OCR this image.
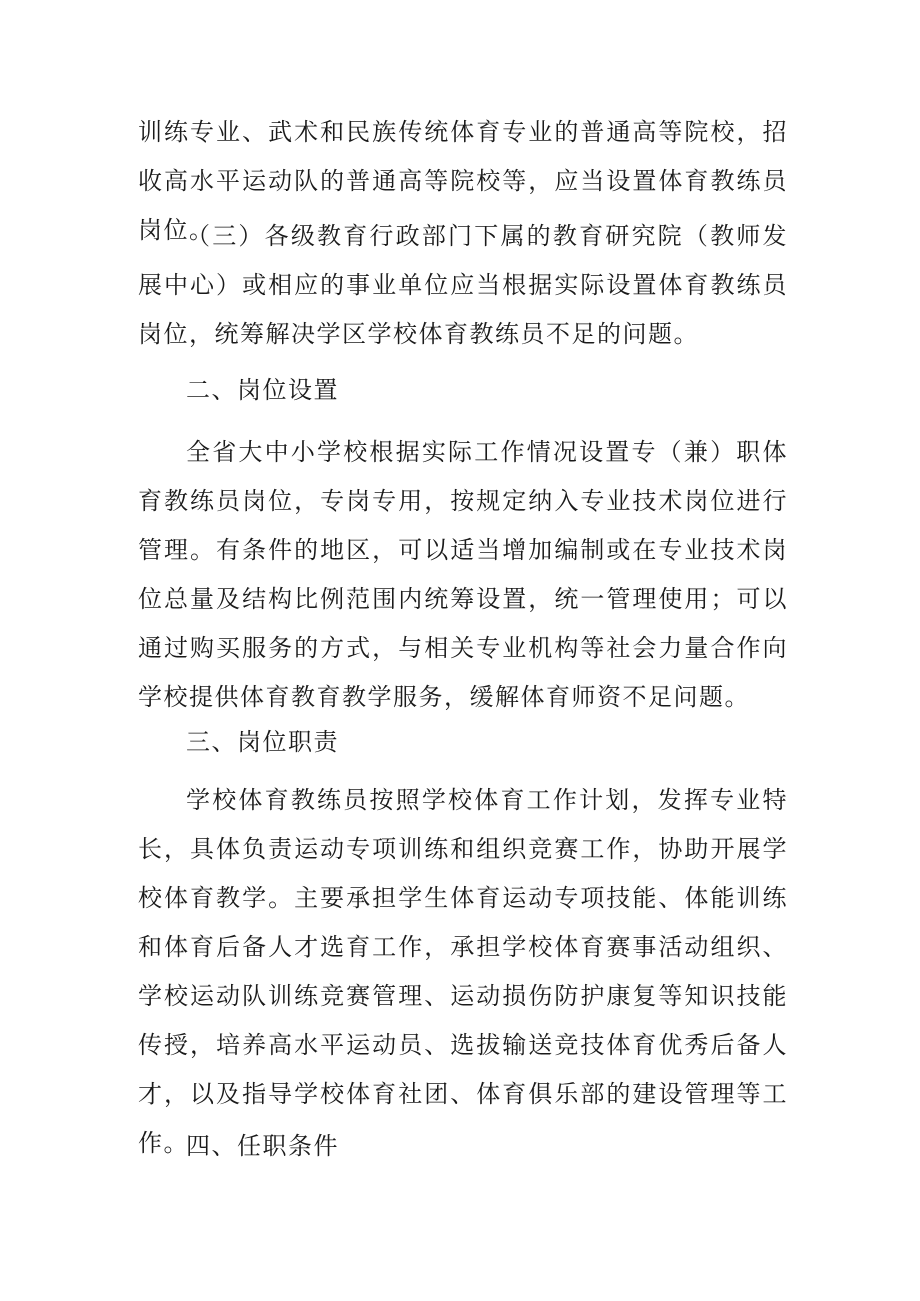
训练专业、武术和民族传统体育专业的普通高等院校，招收高水平运动队的普通高等院校等，应当设置体育教练员岗位。

（三）各级教育行政部门下属的教育研究院（教师发展中心）或相应的事业单位应当根据实际设置体育教练员岗位，统筹解决学区学校体育教练员不足的问题。

二、岗位设置

全省大中小学校根据实际工作情况设置专（兼）职体育教练员岗位，专岗专用，按规定纳入专业技术岗位进行管理。有条件的地区，可以适当增加编制或在专业技术岗位总量及结构比例范围内统筹设置，统一管理使用；可以通过购买服务的方式，与相关专业机构等社会力量合作向学校提供体育教育教学服务，缓解体育师资不足问题。

三、岗位职责

学校体育教练员按照学校体育工作计划，发挥专业特长，具体负责运动专项训练和组织竞赛工作，协助开展学校体育教学。主要承担学生体育运动专项技能、体能训练和体育后备人才选育工作，承担学校体育赛事活动组织、学校运动队训练竞赛管理、运动损伤防护康复等知识技能传授，培养高水平运动员、选拔输送竞技体育优秀后备人才，以及指导学校体育社团、体育俱乐部的建设管理等工作。

四、任职条件
